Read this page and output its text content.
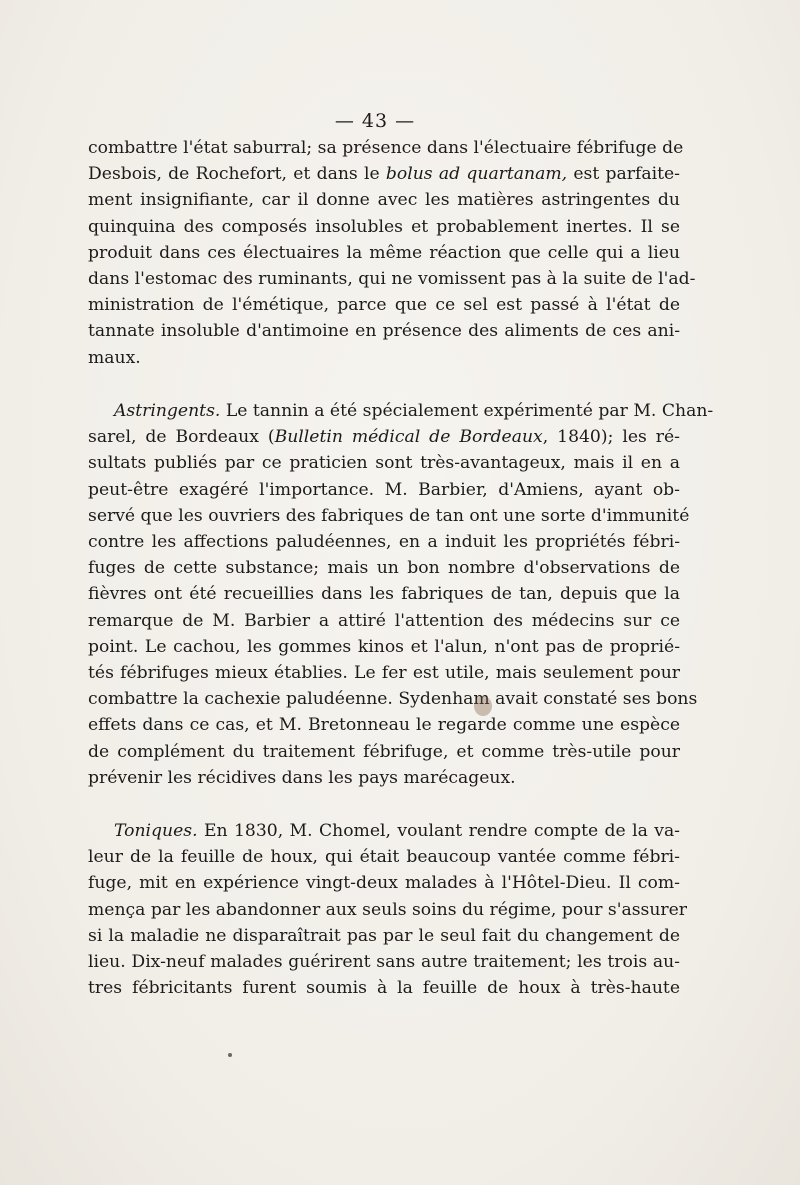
— 43 —
combattre l'état saburral; sa présence dans l'électuaire fébrifuge de
Desbois, de Rochefort, et dans le bolus ad quartanam, est parfaite-
ment insignifiante, car il donne avec les matières astringentes du
quinquina des composés insolubles et probablement inertes. Il se
produit dans ces électuaires la même réaction que celle qui a lieu
dans l'estomac des ruminants, qui ne vomissent pas à la suite de l'ad-
ministration de l'émétique, parce que ce sel est passé à l'état de
tannate insoluble d'antimoine en présence des aliments de ces ani-
maux.
Astringents. Le tannin a été spécialement expérimenté par M. Chan-
sarel, de Bordeaux (Bulletin médical de Bordeaux, 1840); les ré-
sultats publiés par ce praticien sont très-avantageux, mais il en a
peut-être exagéré l'importance. M. Barbier, d'Amiens, ayant ob-
servé que les ouvriers des fabriques de tan ont une sorte d'immunité
contre les affections paludéennes, en a induit les propriétés fébri-
fuges de cette substance; mais un bon nombre d'observations de
fièvres ont été recueillies dans les fabriques de tan, depuis que la
remarque de M. Barbier a attiré l'attention des médecins sur ce
point. Le cachou, les gommes kinos et l'alun, n'ont pas de proprié-
tés fébrifuges mieux établies. Le fer est utile, mais seulement pour
combattre la cachexie paludéenne. Sydenham avait constaté ses bons
effets dans ce cas, et M. Bretonneau le regarde comme une espèce
de complément du traitement fébrifuge, et comme très-utile pour
prévenir les récidives dans les pays marécageux.
Toniques. En 1830, M. Chomel, voulant rendre compte de la va-
leur de la feuille de houx, qui était beaucoup vantée comme fébri-
fuge, mit en expérience vingt-deux malades à l'Hôtel-Dieu. Il com-
mença par les abandonner aux seuls soins du régime, pour s'assurer
si la maladie ne disparaîtrait pas par le seul fait du changement de
lieu. Dix-neuf malades guérirent sans autre traitement; les trois au-
tres fébricitants furent soumis à la feuille de houx à très-haute
